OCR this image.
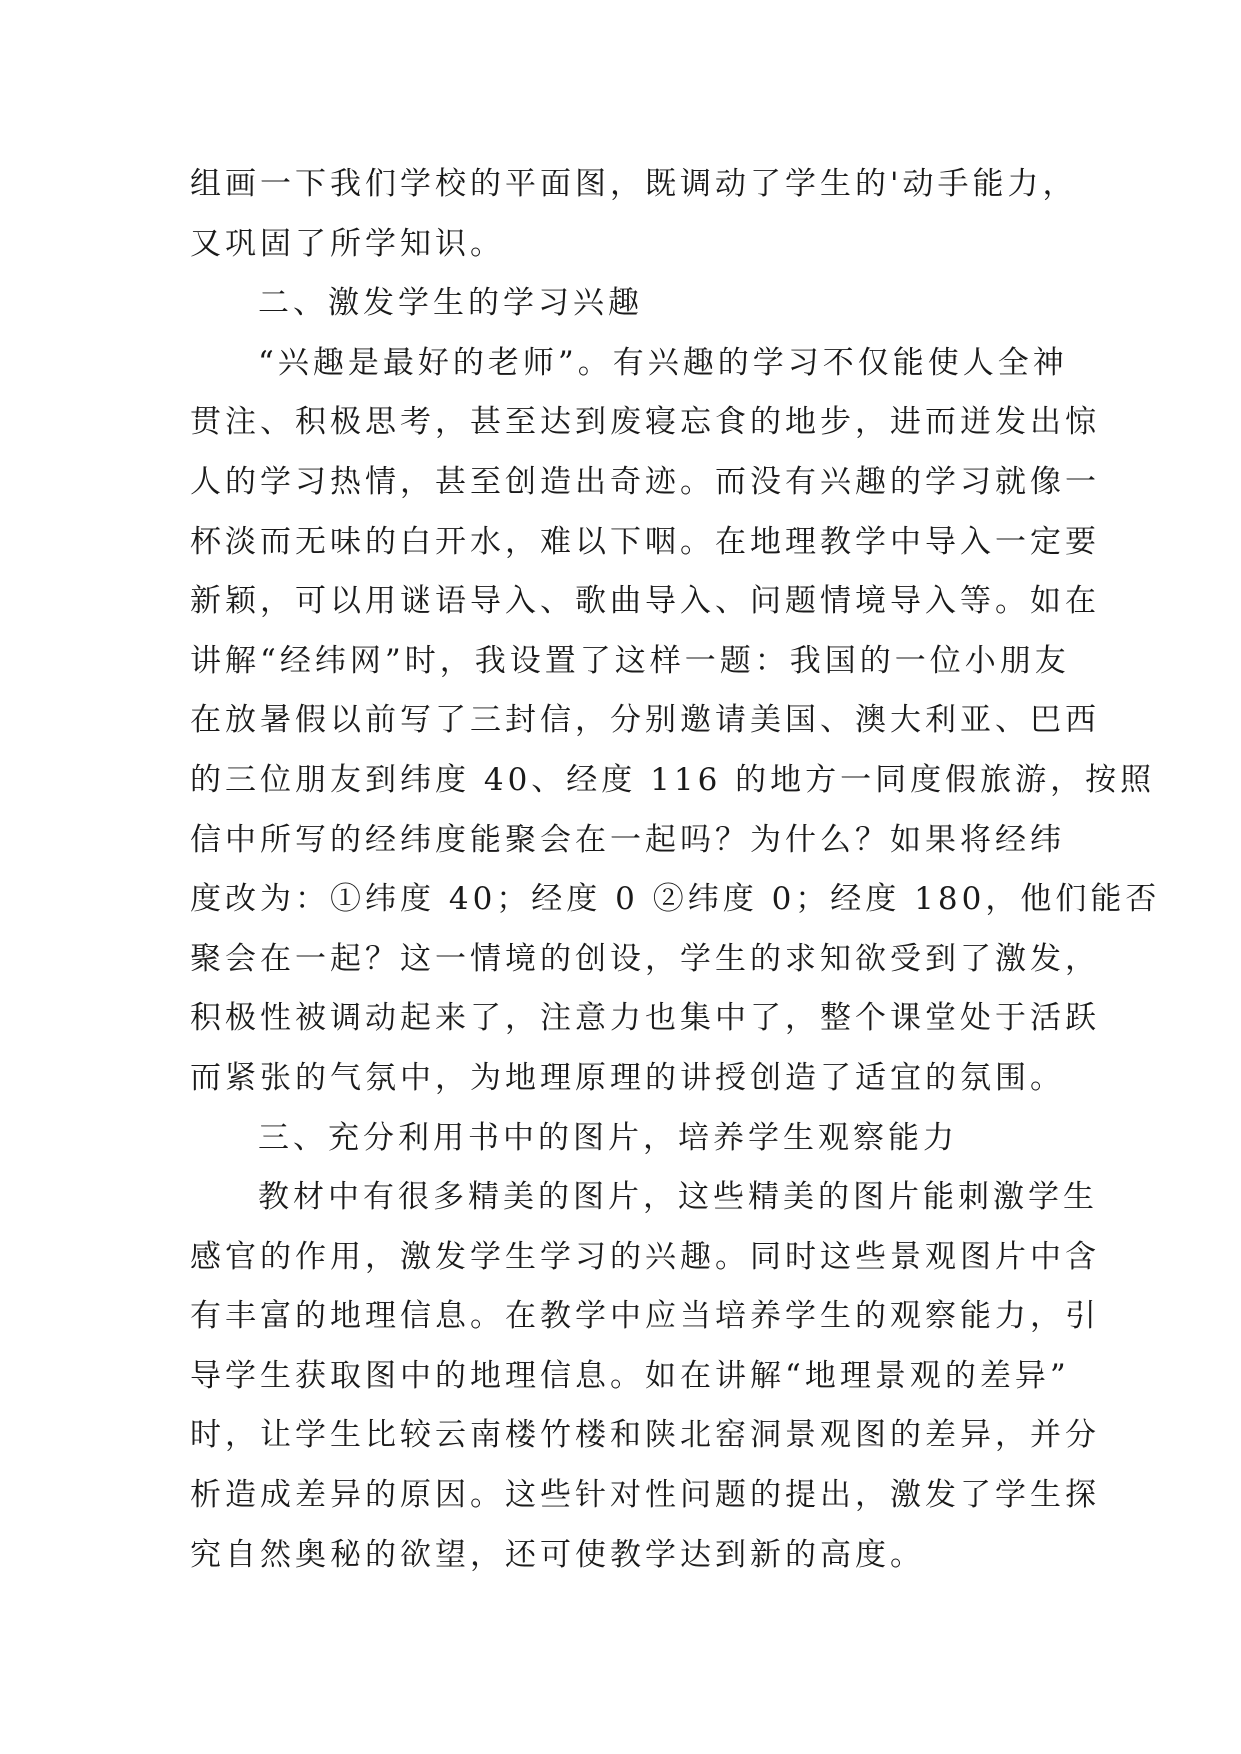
组画一下我们学校的平面图，既调动了学生的'动手能力，
又巩固了所学知识。
二、激发学生的学习兴趣
“兴趣是最好的老师”。有兴趣的学习不仅能使人全神
贯注、积极思考，甚至达到废寝忘食的地步，进而迸发出惊
人的学习热情，甚至创造出奇迹。而没有兴趣的学习就像一
杯淡而无味的白开水，难以下咽。在地理教学中导入一定要
新颖，可以用谜语导入、歌曲导入、问题情境导入等。如在
讲解“经纬网”时，我设置了这样一题：我国的一位小朋友
在放暑假以前写了三封信，分别邀请美国、澳大利亚、巴西
的三位朋友到纬度 40、经度 116 的地方一同度假旅游，按照
信中所写的经纬度能聚会在一起吗？为什么？如果将经纬
度改为：①纬度 40；经度 0 ②纬度 0；经度 180，他们能否
聚会在一起？这一情境的创设，学生的求知欲受到了激发，
积极性被调动起来了，注意力也集中了，整个课堂处于活跃
而紧张的气氛中，为地理原理的讲授创造了适宜的氛围。
三、充分利用书中的图片，培养学生观察能力
教材中有很多精美的图片，这些精美的图片能刺激学生
感官的作用，激发学生学习的兴趣。同时这些景观图片中含
有丰富的地理信息。在教学中应当培养学生的观察能力，引
导学生获取图中的地理信息。如在讲解“地理景观的差异”
时，让学生比较云南楼竹楼和陕北窑洞景观图的差异，并分
析造成差异的原因。这些针对性问题的提出，激发了学生探
究自然奥秘的欲望，还可使教学达到新的高度。
